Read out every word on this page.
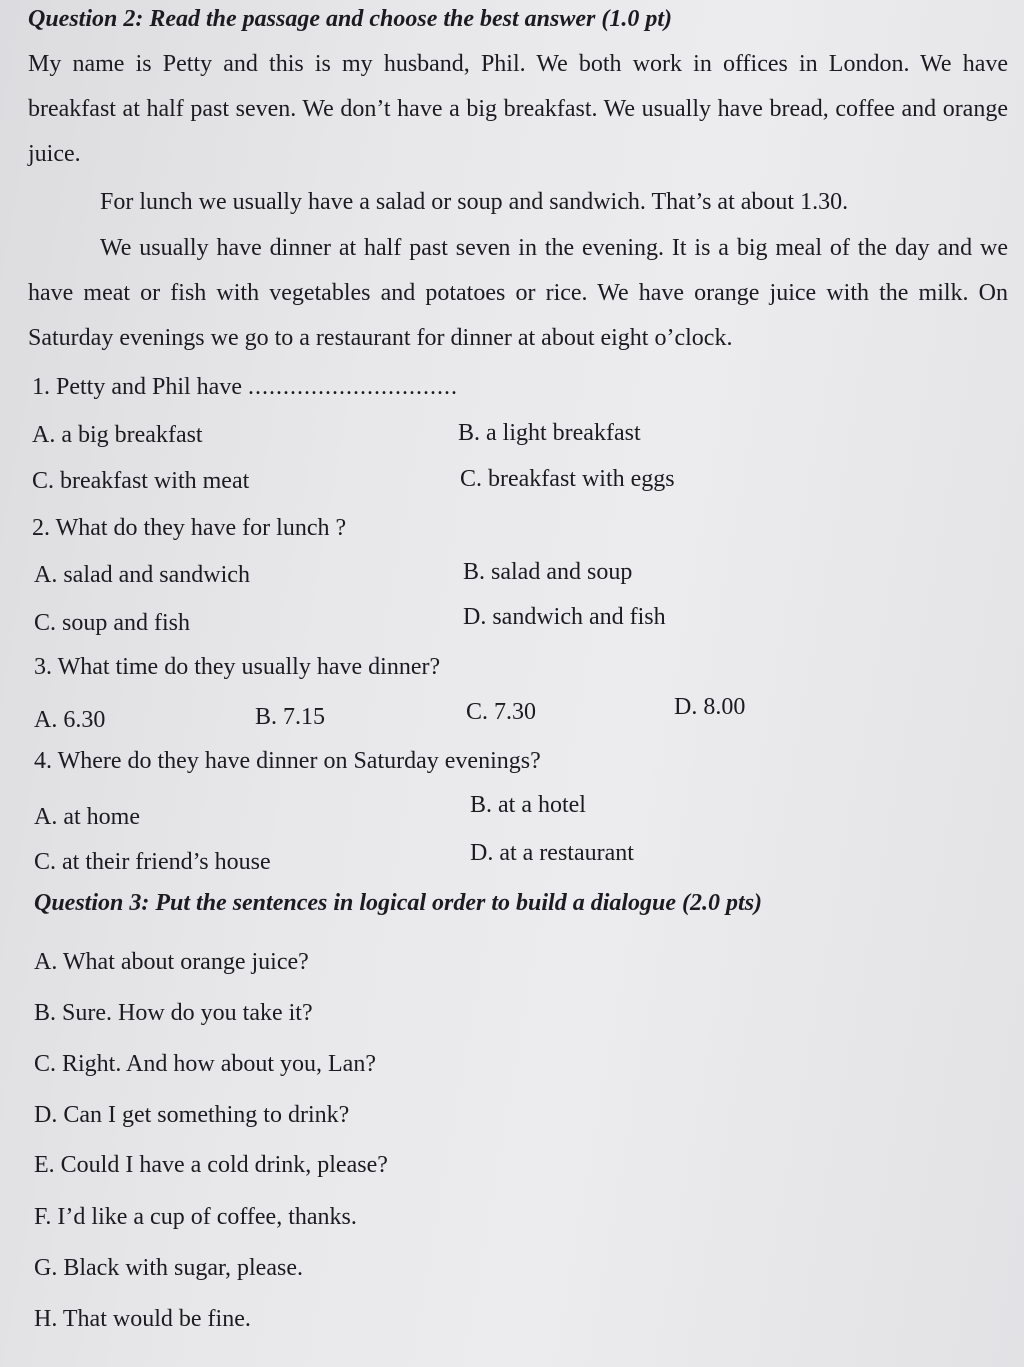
Question 2: Read the passage and choose the best answer (1.0 pt)
My name is Petty and this is my husband, Phil. We both work in offices in London. We have breakfast at half past seven. We don’t have a big breakfast. We usually have bread, coffee and orange juice.
For lunch we usually have a salad or soup and sandwich. That’s at about 1.30.
We usually have dinner at half past seven in the evening. It is a big meal of the day and we have meat or fish with vegetables and potatoes or rice. We have orange juice with the milk. On Saturday evenings we go to a restaurant for dinner at about eight o’clock.
1. Petty and Phil have ..............................
A. a big breakfast	B. a light breakfast
C. breakfast with meat	C. breakfast with eggs
2. What do they have for lunch ?
A. salad and sandwich	B. salad and soup
C. soup and fish	D. sandwich and fish
3. What time do they usually have dinner?
A. 6.30	B. 7.15	C. 7.30	D. 8.00
4. Where do they have dinner on Saturday evenings?
A. at home	B. at a hotel
C. at their friend’s house	D. at a restaurant
Question 3: Put the sentences in logical order to build a dialogue (2.0 pts)
A. What about orange juice?
B. Sure. How do you take it?
C. Right. And how about you, Lan?
D. Can I get something to drink?
E. Could I have a cold drink, please?
F. I’d like a cup of coffee, thanks.
G. Black with sugar, please.
H. That would be fine.
